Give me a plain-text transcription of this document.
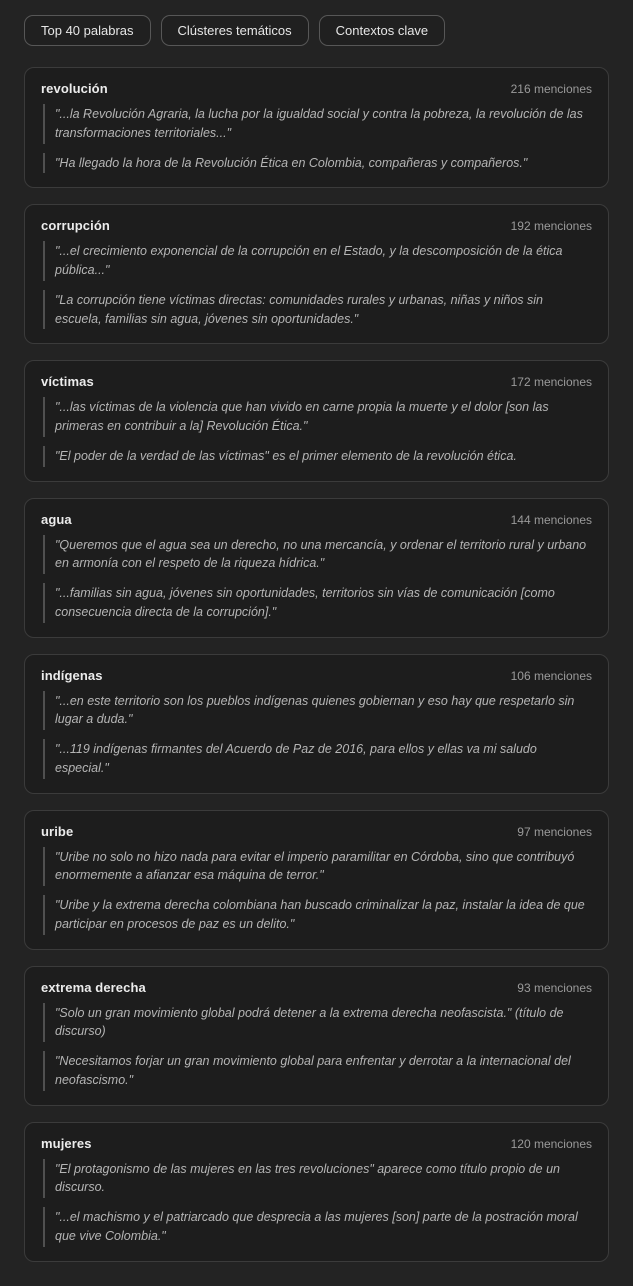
Top 40 palabras	Clústeres temáticos	Contextos clave
revolución	216 menciones
"...la Revolución Agraria, la lucha por la igualdad social y contra la pobreza, la revolución de las transformaciones territoriales..."
"Ha llegado la hora de la Revolución Ética en Colombia, compañeras y compañeros."
corrupción	192 menciones
"...el crecimiento exponencial de la corrupción en el Estado, y la descomposición de la ética pública..."
"La corrupción tiene víctimas directas: comunidades rurales y urbanas, niñas y niños sin escuela, familias sin agua, jóvenes sin oportunidades."
víctimas	172 menciones
"...las víctimas de la violencia que han vivido en carne propia la muerte y el dolor [son las primeras en contribuir a la] Revolución Ética."
"El poder de la verdad de las víctimas" es el primer elemento de la revolución ética.
agua	144 menciones
"Queremos que el agua sea un derecho, no una mercancía, y ordenar el territorio rural y urbano en armonía con el respeto de la riqueza hídrica."
"...familias sin agua, jóvenes sin oportunidades, territorios sin vías de comunicación [como consecuencia directa de la corrupción]."
indígenas	106 menciones
"...en este territorio son los pueblos indígenas quienes gobiernan y eso hay que respetarlo sin lugar a duda."
"...119 indígenas firmantes del Acuerdo de Paz de 2016, para ellos y ellas va mi saludo especial."
uribe	97 menciones
"Uribe no solo no hizo nada para evitar el imperio paramilitar en Córdoba, sino que contribuyó enormemente a afianzar esa máquina de terror."
"Uribe y la extrema derecha colombiana han buscado criminalizar la paz, instalar la idea de que participar en procesos de paz es un delito."
extrema derecha	93 menciones
"Solo un gran movimiento global podrá detener a la extrema derecha neofascista." (título de discurso)
"Necesitamos forjar un gran movimiento global para enfrentar y derrotar a la internacional del neofascismo."
mujeres	120 menciones
"El protagonismo de las mujeres en las tres revoluciones" aparece como título propio de un discurso.
"...el machismo y el patriarcado que desprecia a las mujeres [son] parte de la postración moral que vive Colombia."
